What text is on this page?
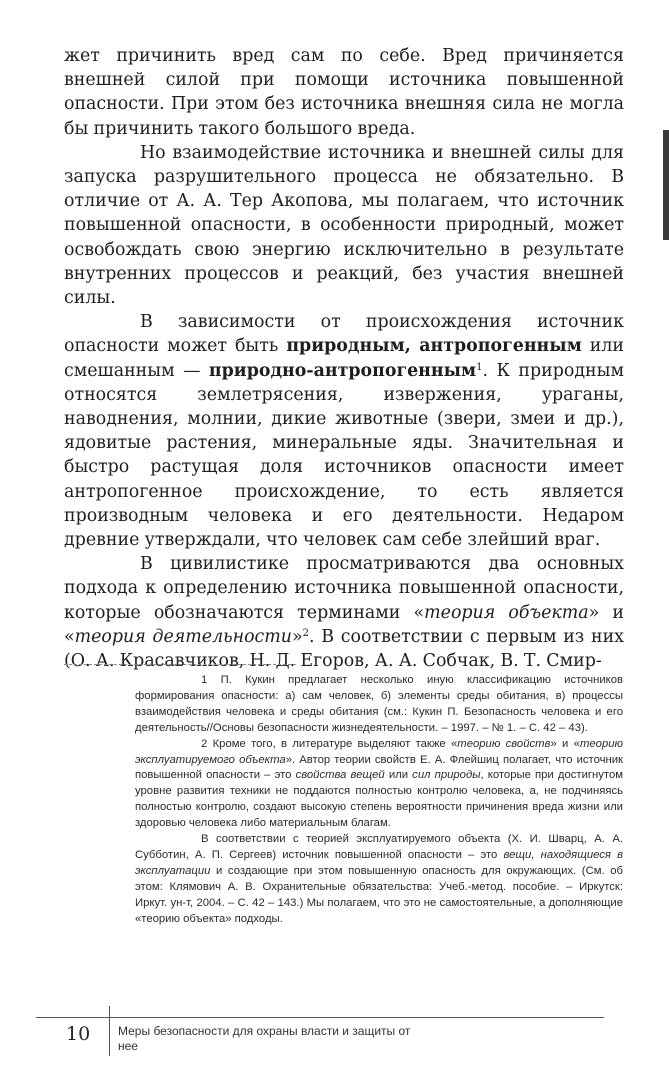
жет причинить вред сам по себе. Вред причиняется внешней силой при помощи источника повышенной опасности. При этом без источника внешняя сила не могла бы причинить такого большого вреда.

Но взаимодействие источника и внешней силы для запуска разрушительного процесса не обязательно. В отличие от А. А. Тер Акопова, мы полагаем, что источник повышенной опасности, в особенности природный, может освобождать свою энергию исключительно в результате внутренних процессов и реакций, без участия внешней силы.

В зависимости от происхождения источник опасности может быть природным, антропогенным или смешанным — природно-антропогенным$^1$. К природным относятся землетрясения, извержения, ураганы, наводнения, молнии, дикие животные (звери, змеи и др.), ядовитые растения, минеральные яды. Значительная и быстро растущая доля источников опасности имеет антропогенное происхождение, то есть является производным человека и его деятельности. Недаром древние утверждали, что человек сам себе злейший враг.

В цивилистике просматриваются два основных подхода к определению источника повышенной опасности, которые обозначаются терминами «теория объекта» и «теория деятельности»$^2$. В соответствии с первым из них (О. А. Красавчиков, Н. Д. Егоров, А. А. Собчак, В. Т. Смир-

1 П. Кукин предлагает несколько иную классификацию источников формирования опасности: а) сам человек, б) элементы среды обитания, в) процессы взаимодействия человека и среды обитания (см.: Кукин П. Безопасность человека и его деятельность//Основы безопасности жизнедеятельности. – 1997. – № 1. – С. 42 – 43).

2 Кроме того, в литературе выделяют также «теорию свойств» и «теорию эксплуатируемого объекта». Автор теории свойств Е. А. Флейшиц полагает, что источник повышенной опасности – это свойства вещей или сил природы, которые при достигнутом уровне развития техники не поддаются полностью контролю человека, а, не подчиняясь полностью контролю, создают высокую степень вероятности причинения вреда жизни или здоровью человека либо материальным благам.

В соответствии с теорией эксплуатируемого объекта (Х. И. Шварц, А. А. Субботин, А. П. Сергеев) источник повышенной опасности – это вещи, находящиеся в эксплуатации и создающие при этом повышенную опасность для окружающих. (См. об этом: Клямович А. В. Охранительные обязательства: Учеб.-метод. пособие. – Иркутск: Иркут. ун-т, 2004. – С. 42 – 143.) Мы полагаем, что это не самостоятельные, а дополняющие «теорию объекта» подходы.

10 Меры безопасности для охраны власти и защиты от нее
